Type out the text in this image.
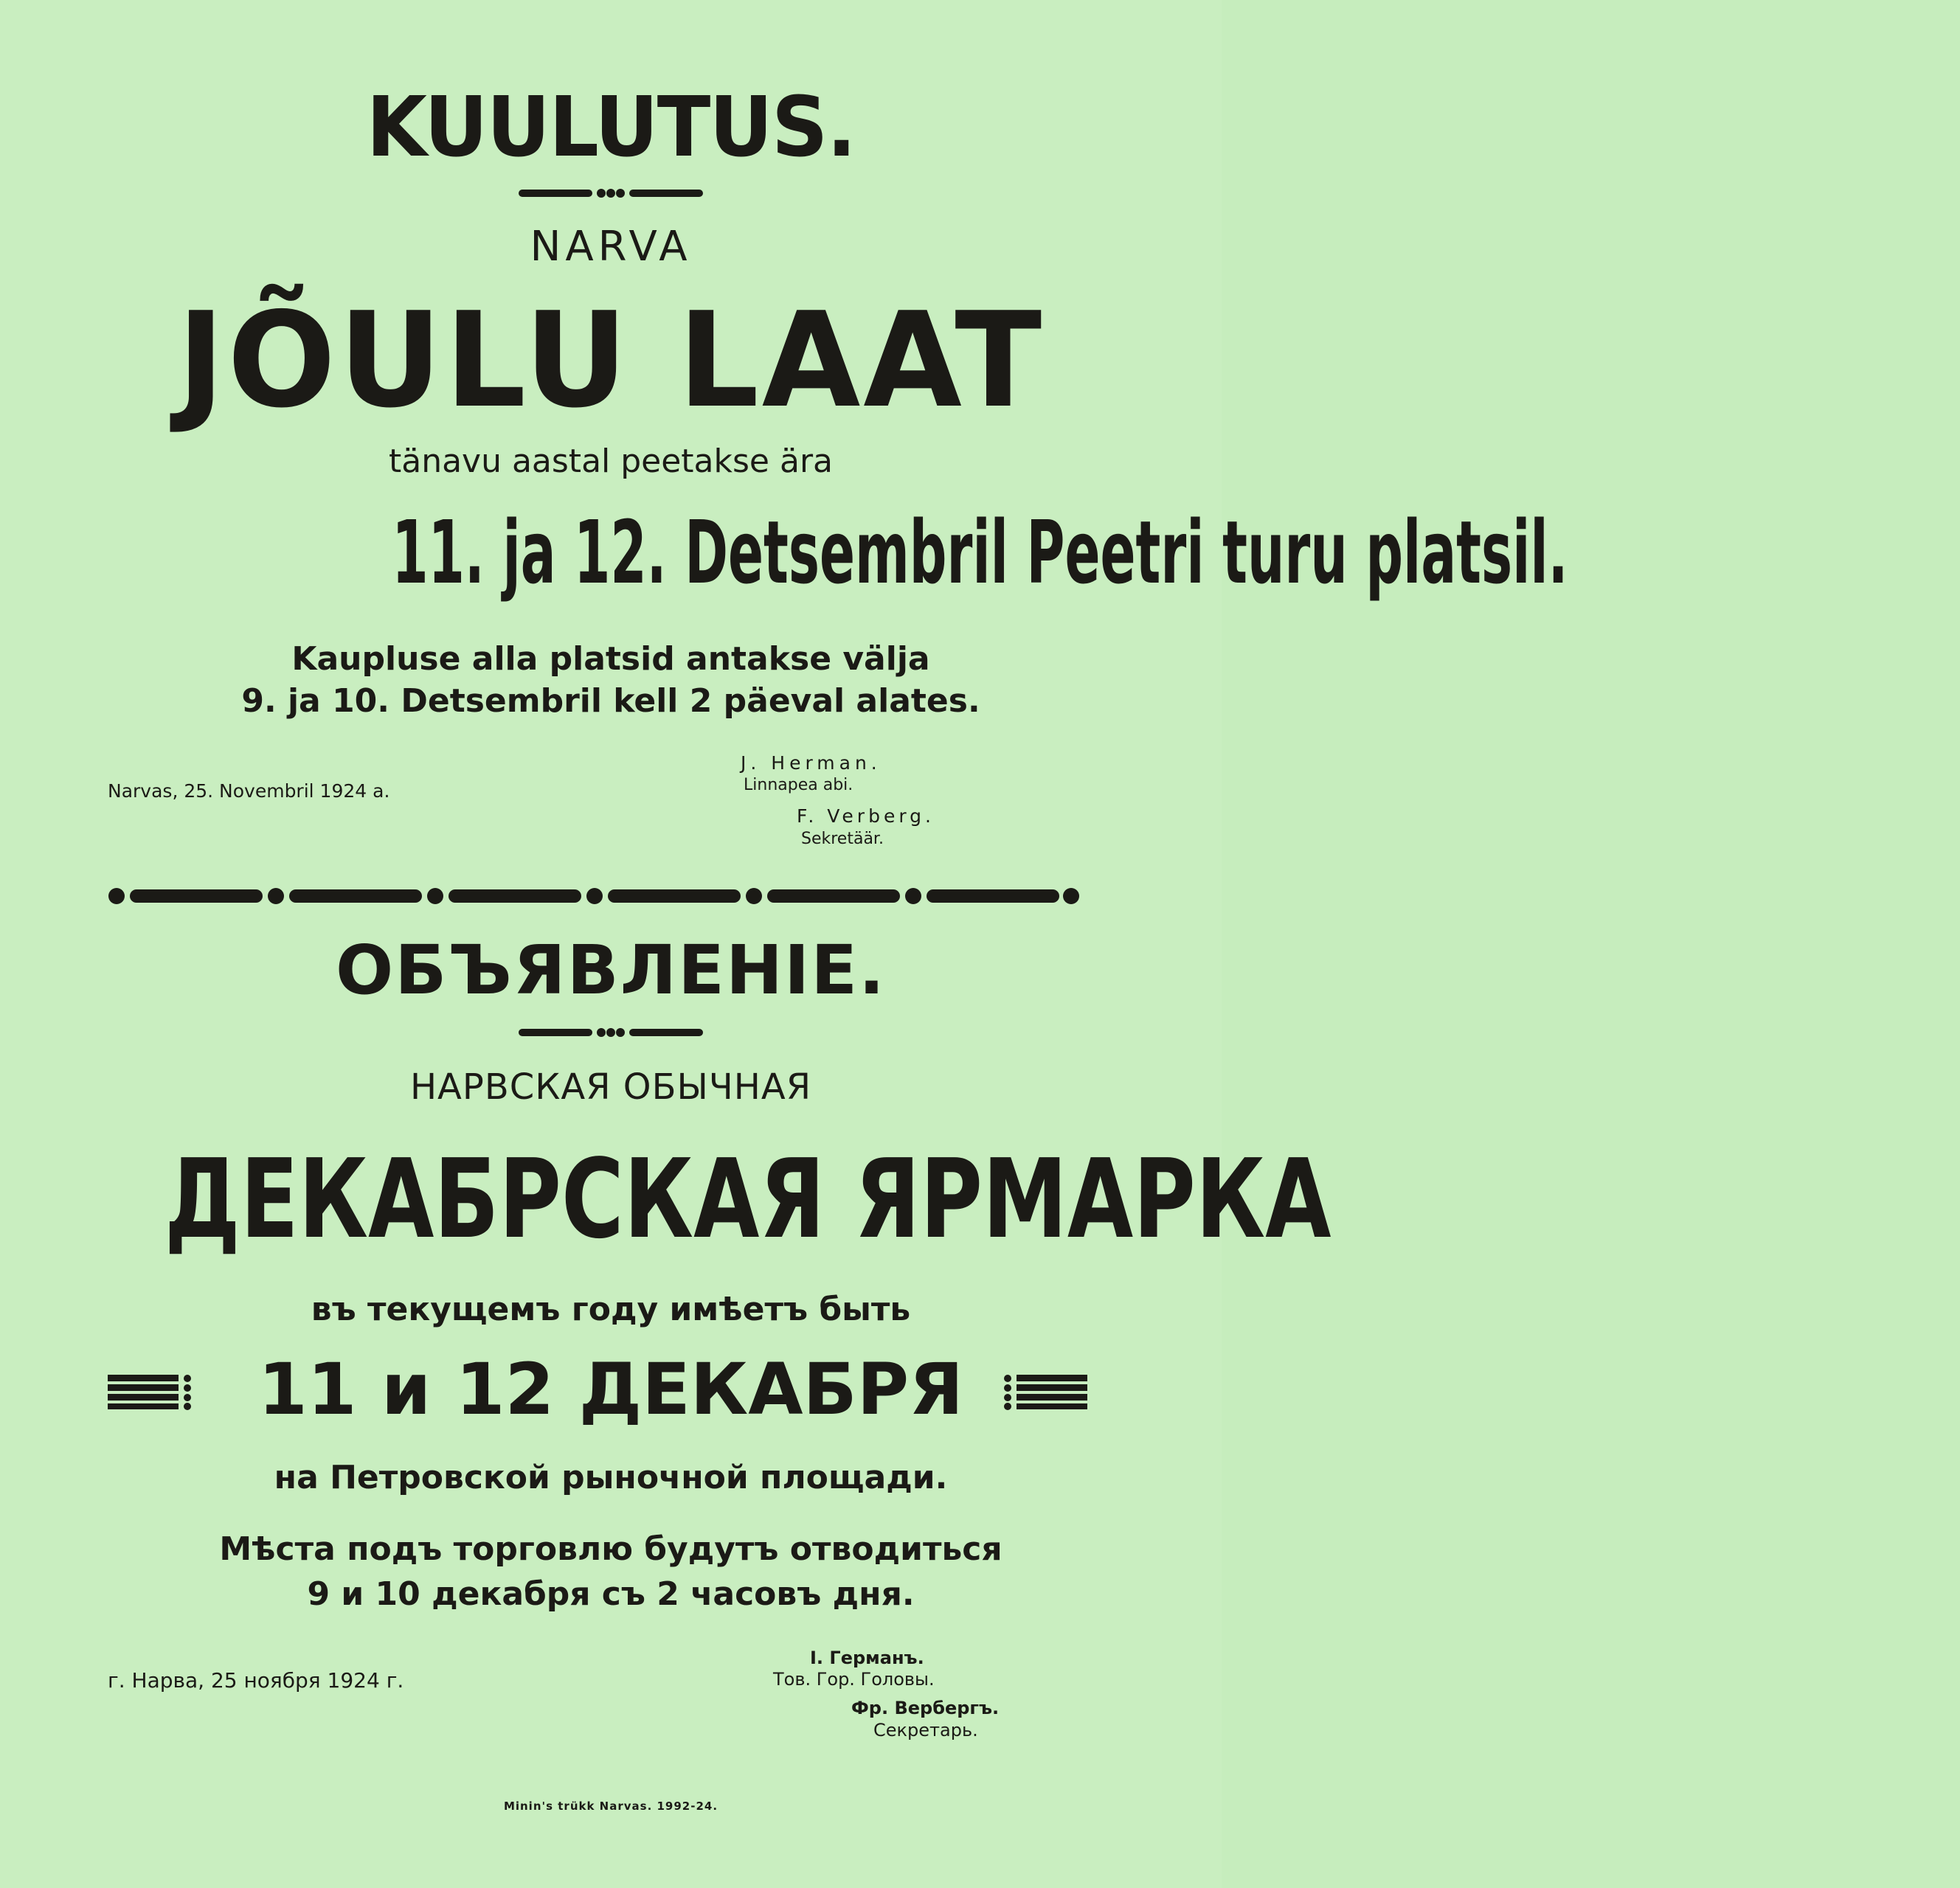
KUULUTUS.
NARVA
JÕULU LAAT
tänavu aastal peetakse ära
11. ja 12. Detsembril Peetri turu platsil.
Kaupluse alla platsid antakse välja
9. ja 10. Detsembril kell 2 päeval alates.
Narvas, 25. Novembril 1924 a.
J. Herman.
Linnapea abi.
F. Verberg.
Sekretäär.
ОБЪЯВЛЕНIЕ.
НАРВСКАЯ ОБЫЧНАЯ
ДЕКАБРСКАЯ ЯРМАРКА
въ текущемъ году имѣетъ быть
11 и 12 ДЕКАБРЯ
на Петровской рыночной площади.
Мѣста подъ торговлю будутъ отводиться
9 и 10 декабря съ 2 часовъ дня.
г. Нарва, 25 ноября 1924 г.
I. Германъ.
Тов. Гор. Головы.
Фр. Вербергъ.
Секретарь.
Minin's trükk Narvas. 1992-24.
